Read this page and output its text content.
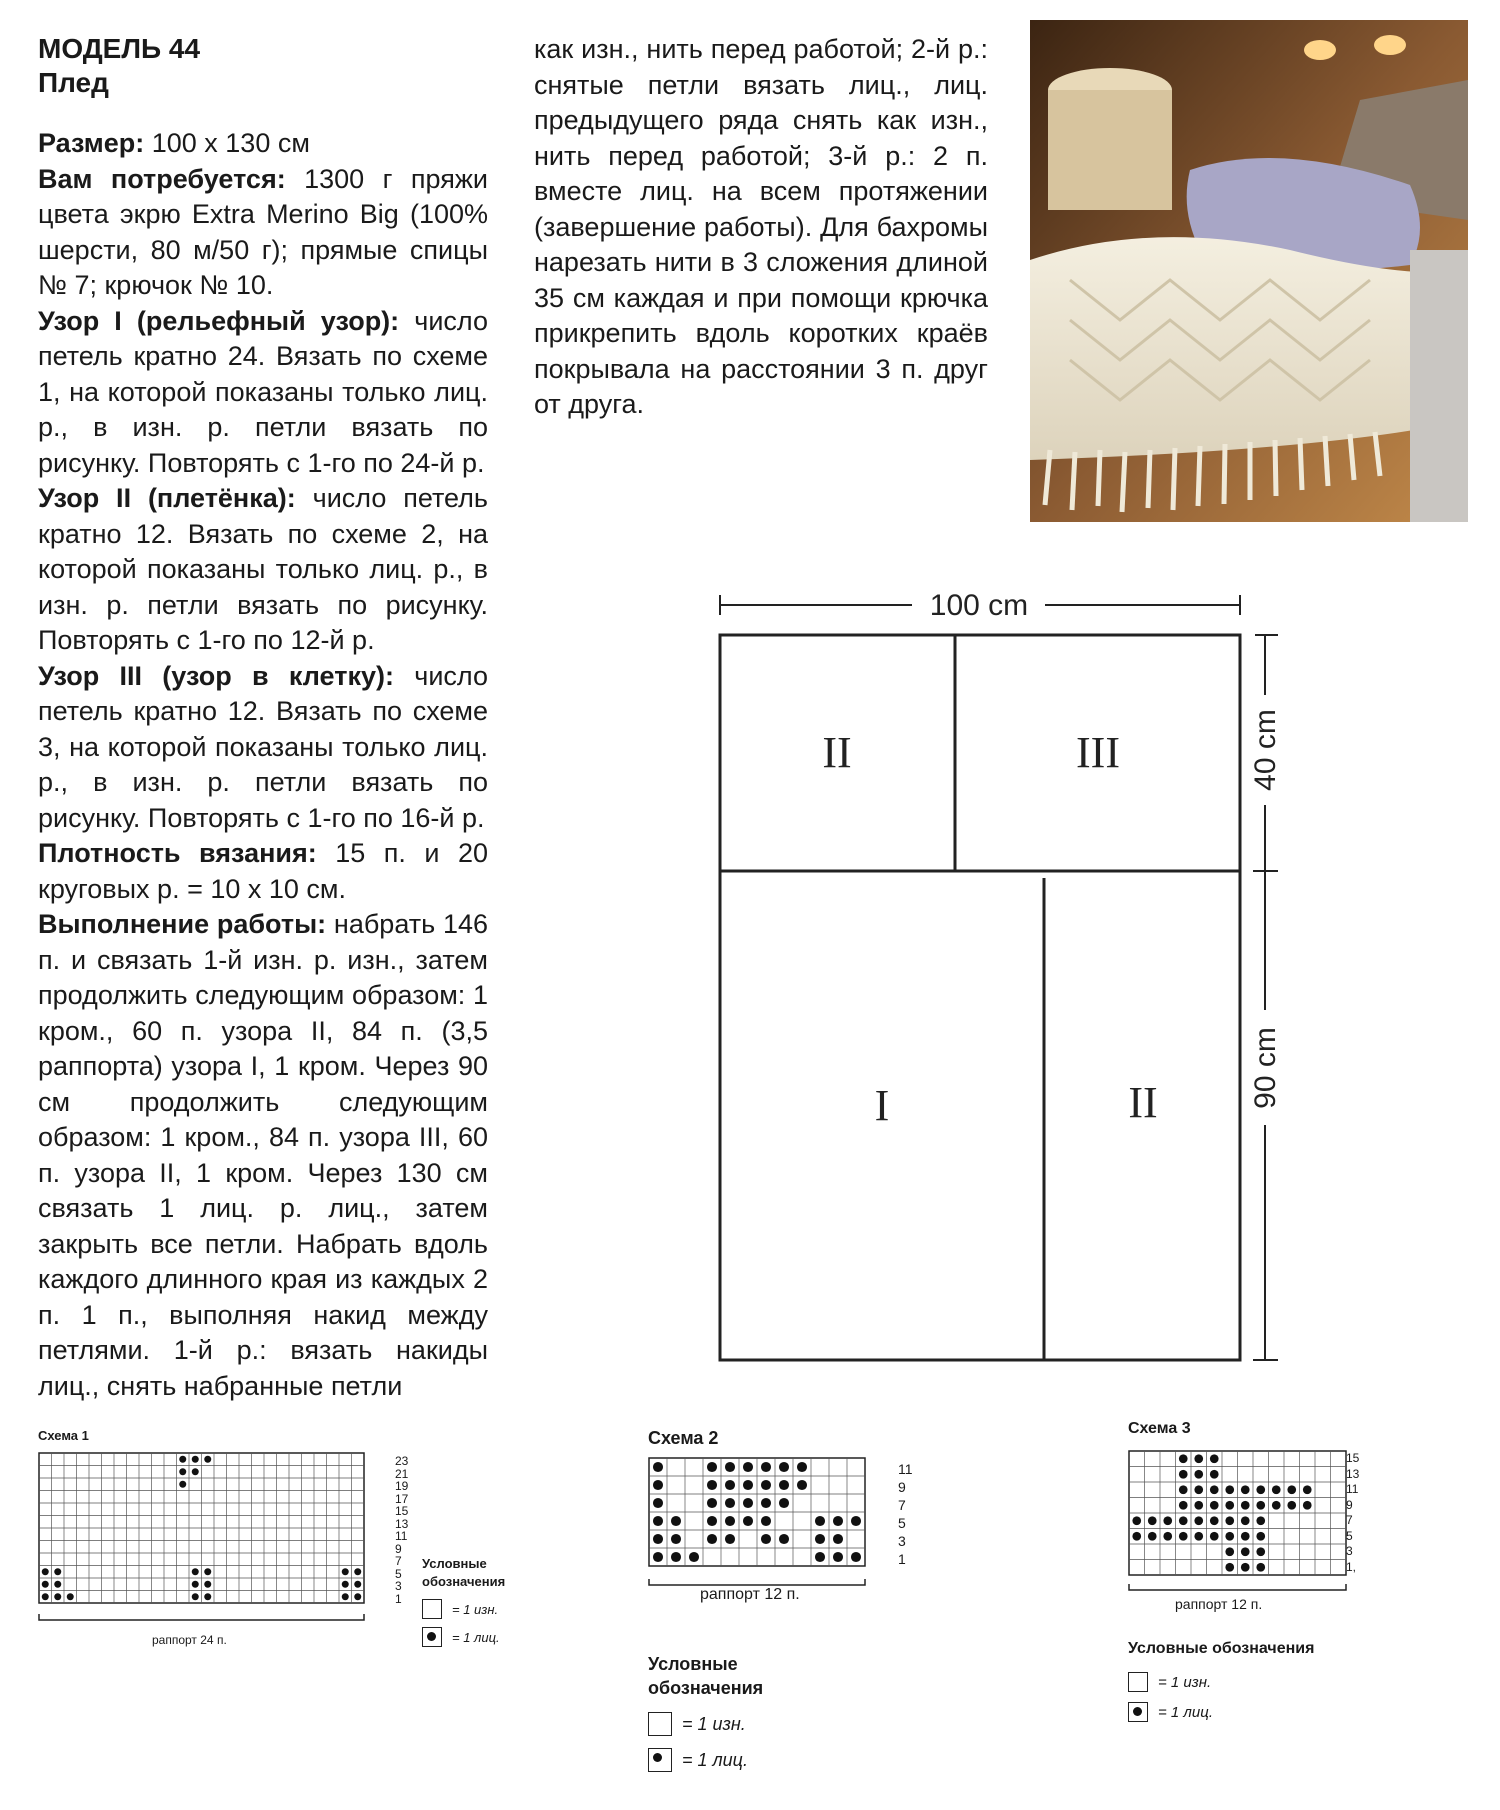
МОДЕЛЬ 44
Плед

Размер: 100 x 130 см

Вам потребуется: 1300 г пряжи цвета экрю Extra Merino Big (100% шерсти, 80 м/50 г); прямые спицы № 7; крючок № 10.

Узор I (рельефный узор): число петель кратно 24. Вязать по схеме 1, на которой показаны только лиц. р., в изн. р. петли вязать по рисунку. Повторять с 1-го по 24-й р.

Узор II (плетёнка): число петель кратно 12. Вязать по схеме 2, на которой показаны только лиц. р., в изн. р. петли вязать по рисунку. Повторять с 1-го по 12-й р.

Узор III (узор в клетку): число петель кратно 12. Вязать по схеме 3, на которой показаны только лиц. р., в изн. р. петли вязать по рисунку. Повторять с 1-го по 16-й р.

Плотность вязания: 15 п. и 20 круговых р. = 10 x 10 см.

Выполнение работы: набрать 146 п. и связать 1-й изн. р. изн., затем продолжить следующим образом: 1 кром., 60 п. узора II, 84 п. (3,5 раппорта) узора I, 1 кром. Через 90 см продолжить следующим образом: 1 кром., 84 п. узора III, 60 п. узора II, 1 кром. Через 130 см связать 1 лиц. р. лиц., затем закрыть все петли. Набрать вдоль каждого длинного края из каждых 2 п. 1 п., выполняя накид между петлями. 1-й р.: вязать накиды лиц., снять набранные петли

как изн., нить перед работой; 2-й р.: снятые петли вязать лиц., лиц. предыдущего ряда снять как изн., нить перед работой; 3-й р.: 2 п. вместе лиц. на всем протяжении (завершение работы). Для бахромы нарезать нити в 3 сложения длиной 35 см каждая и при помощи крючка прикрепить вдоль коротких краёв покрывала на расстоянии 3 п. друг от друга.

100 cm
40 cm
90 cm
II	III
I	II
Схема 1
23
21
19
17
15
13
11
9
7
5
3
1
раппорт 24 п.
Условные
обозначения
= 1 изн.
= 1 лиц.
Схема 2
11
9
7
5
3
1
раппорт 12 п.
Условные
обозначения
= 1 изн.
= 1 лиц.
Схема 3
15
13
11
9
7
5
3
1,
раппорт 12 п.
Условные обозначения
= 1 изн.
= 1 лиц.
